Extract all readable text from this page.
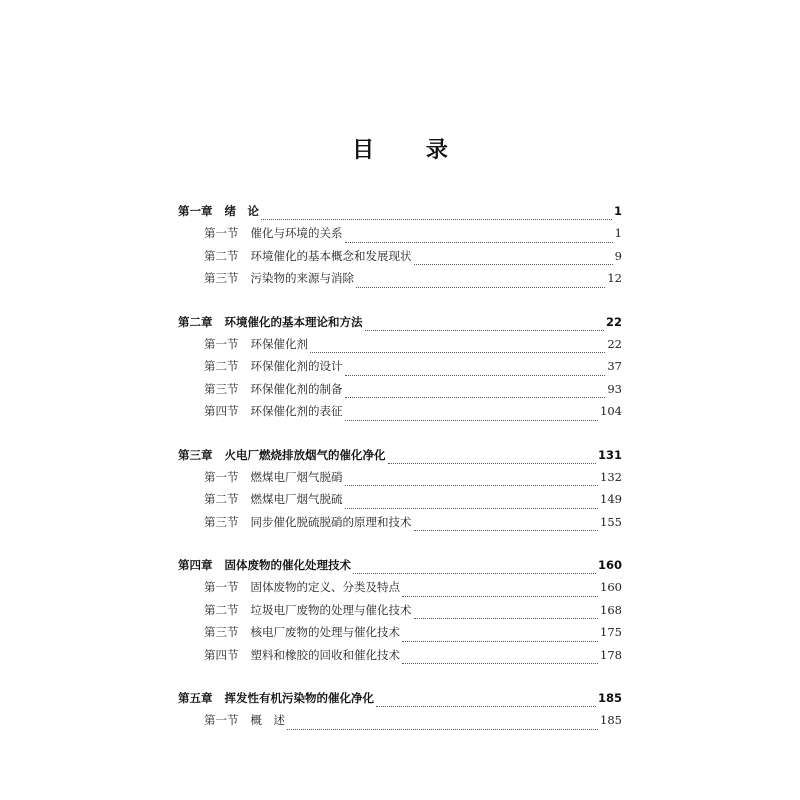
目 录
第一章 绪　论	1
第一节 催化与环境的关系	1
第二节 环境催化的基本概念和发展现状	9
第三节 污染物的来源与消除	12
第二章 环境催化的基本理论和方法	22
第一节 环保催化剂	22
第二节 环保催化剂的设计	37
第三节 环保催化剂的制备	93
第四节 环保催化剂的表征	104
第三章 火电厂燃烧排放烟气的催化净化	131
第一节 燃煤电厂烟气脱硝	132
第二节 燃煤电厂烟气脱硫	149
第三节 同步催化脱硫脱硝的原理和技术	155
第四章 固体废物的催化处理技术	160
第一节 固体废物的定义、分类及特点	160
第二节 垃圾电厂废物的处理与催化技术	168
第三节 核电厂废物的处理与催化技术	175
第四节 塑料和橡胶的回收和催化技术	178
第五章 挥发性有机污染物的催化净化	185
第一节 概　述	185
